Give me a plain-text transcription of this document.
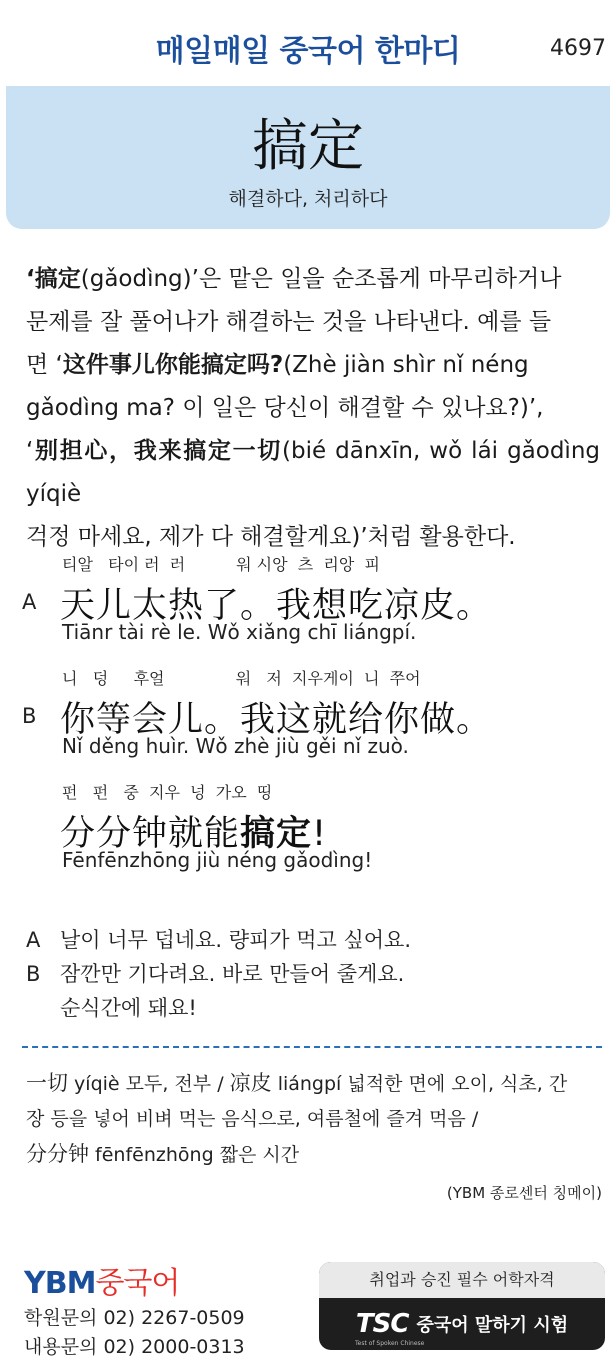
매일매일 중국어 한마디	4697
搞定
해결하다, 처리하다
‘搞定(gǎodìng)’은 맡은 일을 순조롭게 마무리하거나
문제를 잘 풀어나가 해결하는 것을 나타낸다. 예를 들
면 ‘这件事儿你能搞定吗?(Zhè jiàn shìr nǐ néng
gǎodìng ma? 이 일은 당신이 해결할 수 있나요?)’,
‘别担心，我来搞定一切(bié dānxīn, wǒ lái gǎodìng yíqiè
걱정 마세요, 제가 다 해결할게요)’처럼 활용한다.
티알   타이 러  러          워 시앙  츠  리앙  피
A 天儿太热了。我想吃凉皮。
Tiānr tài rè le. Wǒ xiǎng chī liángpí.
니   덩     후얼              워   저  지우게이  니  쭈어
B 你等会儿。我这就给你做。
Nǐ děng huìr. Wǒ zhè jiù gěi nǐ zuò.
펀   펀   중  지우  넝  가오  띵
分分钟就能搞定!
Fēnfēnzhōng jiù néng gǎodìng!
A 날이 너무 덥네요. 량피가 먹고 싶어요.
B 잠깐만 기다려요. 바로 만들어 줄게요.
순식간에 돼요!
一切 yíqiè 모두, 전부 / 凉皮 liángpí 넓적한 면에 오이, 식초, 간
장 등을 넣어 비벼 먹는 음식으로, 여름철에 즐겨 먹음 /
分分钟 fēnfēnzhōng 짧은 시간
(YBM 종로센터 칭메이)
YBM중국어
학원문의 02) 2267-0509
내용문의 02) 2000-0313
취업과 승진 필수 어학자격
TSC 중국어 말하기 시험
Test of Spoken Chinese
